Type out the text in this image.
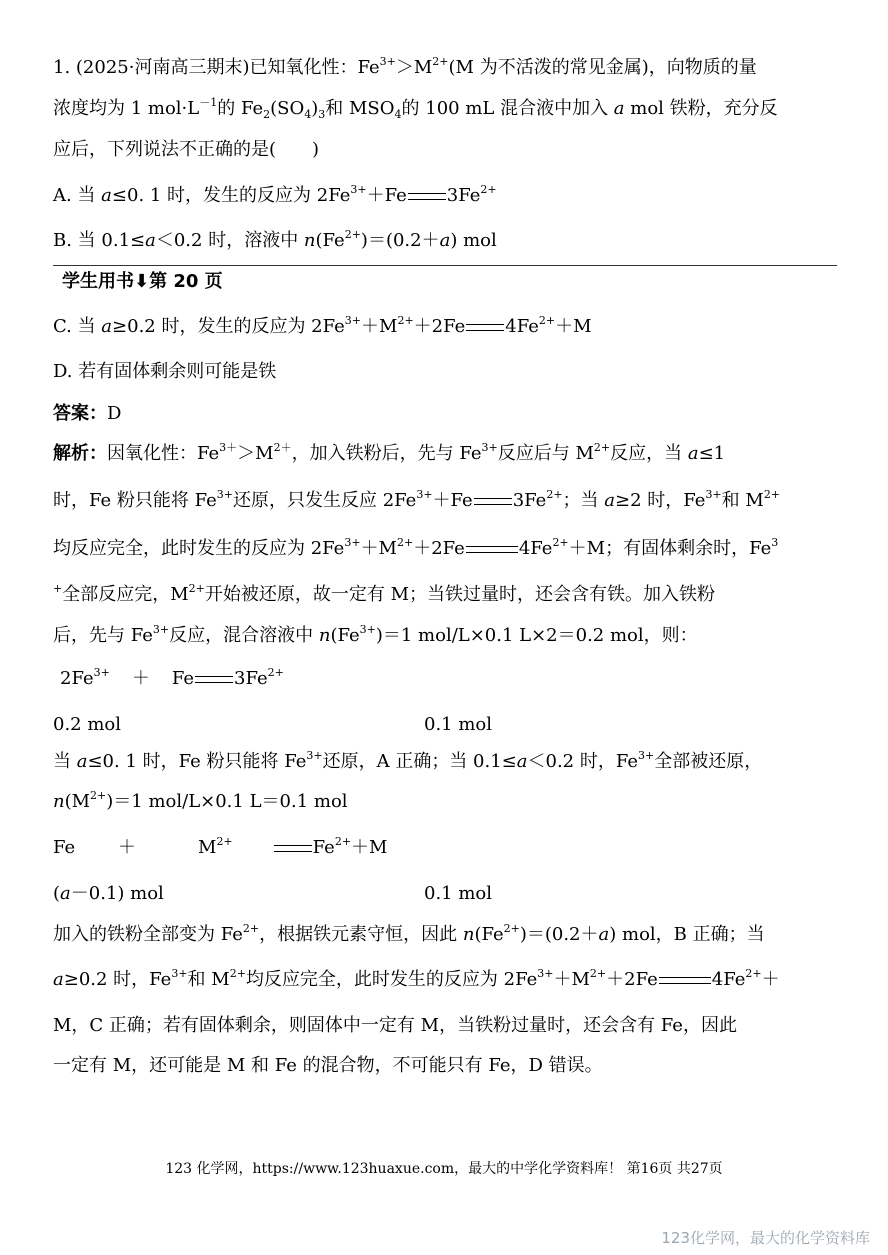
1. (2025·河南高三期末)已知氧化性：$Fe^{3+}>M^{2+}(M$ 为不活泼的常见金属)，向物质的量
浓度均为 1 $mol\cdot L^{-1}$的 $Fe_2(SO_4)_3$和 $MSO_4$的 100 mL 混合液中加入 a mol 铁粉，充分反
应后，下列说法不正确的是(　　)
A. 当 a≤0. 1 时，发生的反应为 $2Fe^{3+}+Fe$ $3Fe^{2+}$
B. 当 0.1≤a＜0.2 时，溶液中 $n(Fe^{2+})=(0.2+a)$ mol
学生用书⬇第 20 页
C. 当 a≥0.2 时，发生的反应为 $2Fe^{3+}+M^{2+}+2Fe$ $4Fe^{2+}+M$
D. 若有固体剩余则可能是铁
答案：D
解析：因氧化性：$Fe^{3+}>M^{2+}$，加入铁粉后，先与 $Fe^{3+}$反应后与 $M^{2+}$反应，当 a≤1
时，Fe 粉只能将 $Fe^{3+}$还原，只发生反应 $2Fe^{3+}+Fe$ $3Fe^{2+}$；当 a≥2 时，$Fe^{3+}$和 $M^{2+}$
均反应完全，此时发生的反应为 $2Fe^{3+}+M^{2+}+2Fe$	$4Fe^{2+}+M$；有固体剩余时，Fe$^3$
+全部反应完，$M^{2+}$开始被还原，故一定有 M；当铁过量时，还会含有铁。加入铁粉
后，先与 $Fe^{3+}$反应，混合溶液中 $n(Fe^{3+})=1$ mol/L×0.1 L×2＝0.2 mol，则：
$2Fe^{3+} + Fe$ $3Fe^{2+}$
0.2 mol	0.1 mol
当 a≤0. 1 时，Fe 粉只能将 $Fe^{3+}$还原，A 正确；当 0.1≤a＜0.2 时，$Fe^{3+}$全部被还原，
$n(M^{2+})=1$ mol/L×0.1 L＝0.1 mol
Fe ＋	$M^{2+}$	$Fe^{2+}+M$
(a－0.1) mol	0.1 mol
加入的铁粉全部变为 $Fe^{2+}$，根据铁元素守恒，因此 $n(Fe^{2+})=(0.2+a)$ mol，B 正确；当
a≥0.2 时，$Fe^{3+}$和 $M^{2+}$均反应完全，此时发生的反应为 $2Fe^{3+}+M^{2+}+2Fe$	$4Fe^{2+}+$
M，C 正确；若有固体剩余，则固体中一定有 M，当铁粉过量时，还会含有 Fe，因此
一定有 M，还可能是 M 和 Fe 的混合物，不可能只有 Fe，D 错误。
123 化学网，https://www.123huaxue.com，最大的中学化学资料库！ 第16页 共27页
123化学网，最大的化学资料库
